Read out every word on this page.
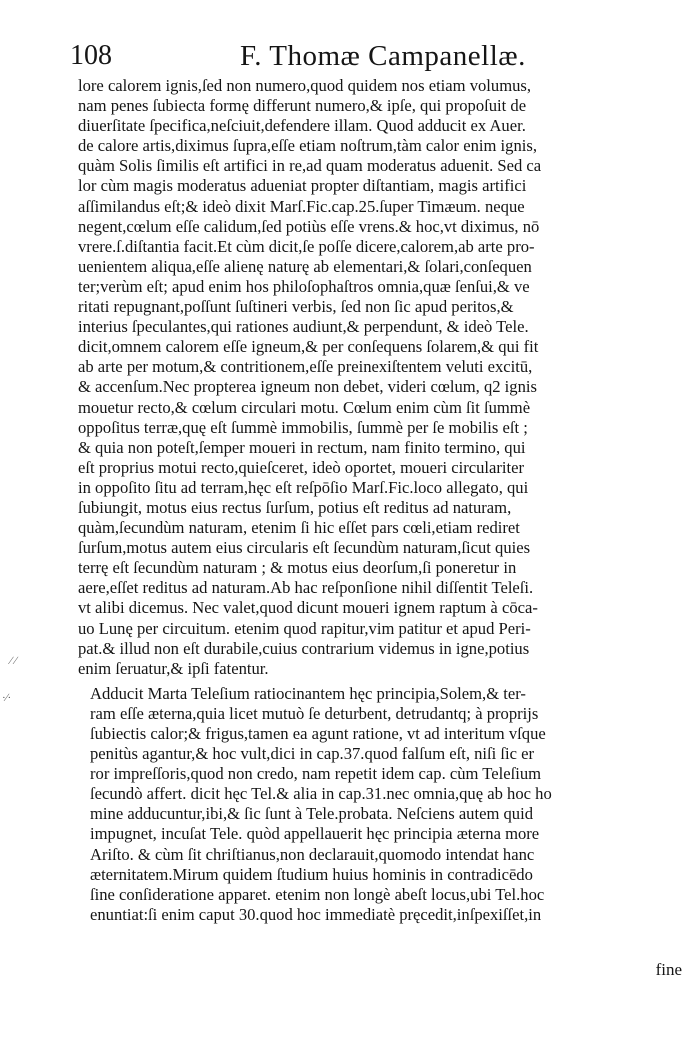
108	F. Thomæ Campanellæ.
lore calorem ignis,ſed non numero,quod quidem nos etiam volumus,
nam penes ſubiecta formę differunt numero,& ipſe, qui propoſuit de
diuerſitate ſpecifica,neſciuit,defendere illam. Quod adducit ex Auer.
de calore artis,diximus ſupra,eſſe etiam noſtrum,tàm calor enim ignis,
quàm Solis ſimilis eſt artifici in re,ad quam moderatus aduenit. Sed ca
lor cùm magis moderatus adueniat propter diſtantiam, magis artifici
aſſimilandus eſt;& ideò dixit Marſ.Fic.cap.25.ſuper Timæum. neque
negent,cœlum eſſe calidum,ſed potiùs eſſe vrens.& hoc,vt diximus, nō
vrere.ſ.diſtantia facit.Et cùm dicit,ſe poſſe dicere,calorem,ab arte pro-
uenientem aliqua,eſſe alienę naturę ab elementari,& ſolari,conſequen
ter;verùm eſt; apud enim hos philoſophaſtros omnia,quæ ſenſui,& ve
ritati repugnant,poſſunt ſuſtineri verbis, ſed non ſic apud peritos,&
interius ſpeculantes,qui rationes audiunt,& perpendunt, & ideò Tele.
dicit,omnem calorem eſſe igneum,& per conſequens ſolarem,& qui fit
ab arte per motum,& contritionem,eſſe preinexiſtentem veluti excitū,
& accenſum.Nec propterea igneum non debet, videri cœlum, q2 ignis
mouetur recto,& cœlum circulari motu. Cœlum enim cùm ſit ſummè
oppoſitus terræ,quę eſt ſummè immobilis, ſummè per ſe mobilis eſt ;
& quia non poteſt,ſemper moueri in rectum, nam finito termino, qui
eſt proprius motui recto,quieſceret, ideò oportet, moueri circulariter
in oppoſito ſitu ad terram,hęc eſt reſpōſio Marſ.Fic.loco allegato, qui
ſubiungit, motus eius rectus ſurſum, potius eſt reditus ad naturam,
quàm,ſecundùm naturam, etenim ſi hic eſſet pars cœli,etiam rediret
ſurſum,motus autem eius circularis eſt ſecundùm naturam,ſicut quies
terrę eſt ſecundùm naturam ; & motus eius deorſum,ſi poneretur in
aere,eſſet reditus ad naturam.Ab hac reſponſione nihil diſſentit Teleſi.
vt alibi dicemus. Nec valet,quod dicunt moueri ignem raptum à cōca-
uo Lunę per circuitum. etenim quod rapitur,vim patitur et apud Peri-
pat.& illud non eſt durabile,cuius contrarium videmus in igne,potius
enim ſeruatur,& ipſi fatentur.
Adducit Marta Teleſium ratiocinantem hęc principia,Solem,& ter-
ram eſſe æterna,quia licet mutuò ſe deturbent, detrudantq; à proprijs
ſubiectis calor;& frigus,tamen ea agunt ratione, vt ad interitum vſque
penitùs agantur,& hoc vult,dici in cap.37.quod falſum eſt, niſi ſic er
ror impreſſoris,quod non credo, nam repetit idem cap. cùm Teleſium
ſecundò affert. dicit hęc Tel.& alia in cap.31.nec omnia,quę ab hoc ho
mine adducuntur,ibi,& ſic ſunt à Tele.probata. Neſciens autem quid
impugnet, incuſat Tele. quòd appellauerit hęc principia æterna more
Ariſto. & cùm ſit chriſtianus,non declarauit,quomodo intendat hanc
æternitatem.Mirum quidem ſtudium huius hominis in contradicēdo
ſine conſideratione apparet. etenim non longè abeſt locus,ubi Tel.hoc
enuntiat:ſi enim caput 30.quod hoc immediatè pręcedit,inſpexiſſet,in
fine
∕ ∕
·∕·
